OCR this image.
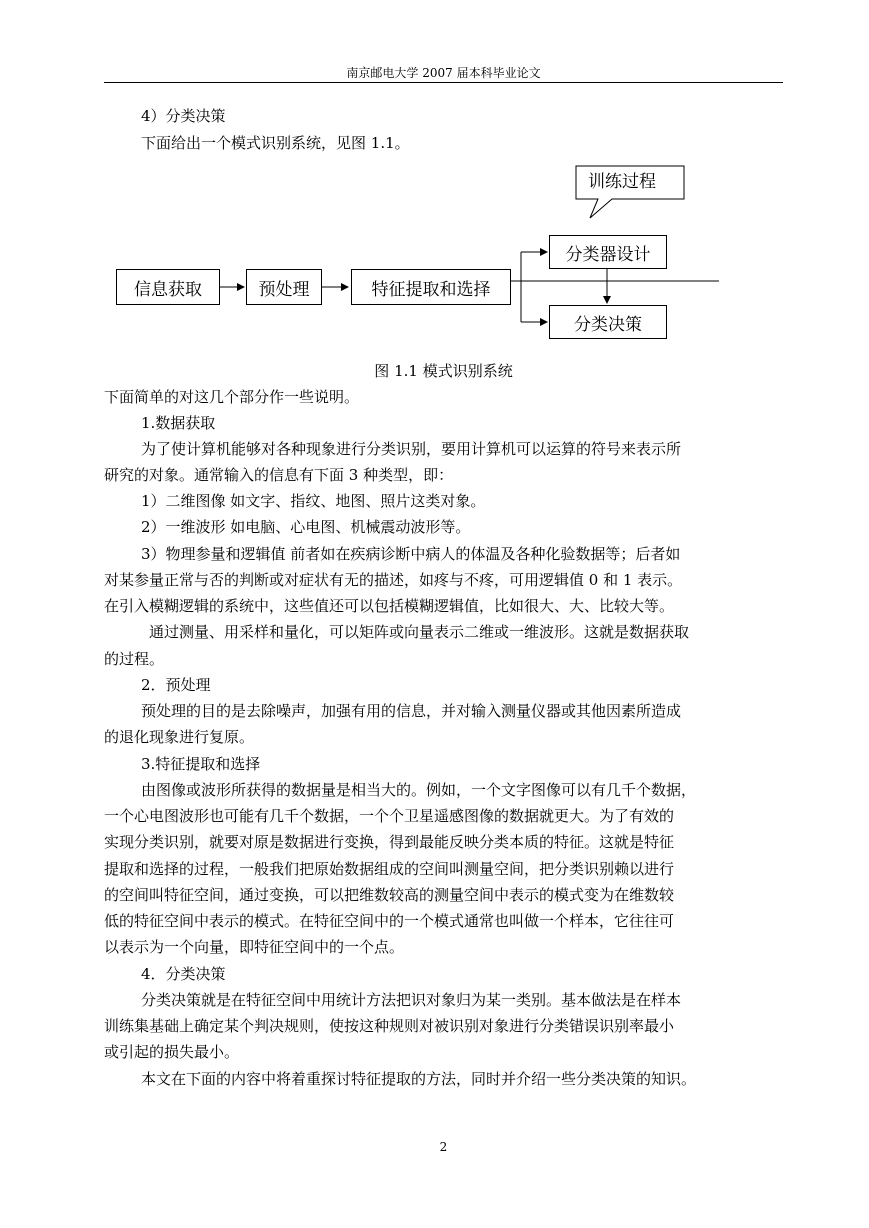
南京邮电大学 2007 届本科毕业论文
4）分类决策
下面给出一个模式识别系统，见图 1.1。
信息获取	预处理	特征提取和选择
分类器设计
分类决策
训练过程
图 1.1 模式识别系统
下面简单的对这几个部分作一些说明。
1.数据获取
为了使计算机能够对各种现象进行分类识别，要用计算机可以运算的符号来表示所
研究的对象。通常输入的信息有下面 3 种类型，即：
1）二维图像 如文字、指纹、地图、照片这类对象。
2）一维波形 如电脑、心电图、机械震动波形等。
3）物理参量和逻辑值 前者如在疾病诊断中病人的体温及各种化验数据等；后者如
对某参量正常与否的判断或对症状有无的描述，如疼与不疼，可用逻辑值 0 和 1 表示。
在引入模糊逻辑的系统中，这些值还可以包括模糊逻辑值，比如很大、大、比较大等。
通过测量、用采样和量化，可以矩阵或向量表示二维或一维波形。这就是数据获取
的过程。
2．预处理
预处理的目的是去除噪声，加强有用的信息，并对输入测量仪器或其他因素所造成
的退化现象进行复原。
3.特征提取和选择
由图像或波形所获得的数据量是相当大的。例如，一个文字图像可以有几千个数据，
一个心电图波形也可能有几千个数据，一个个卫星遥感图像的数据就更大。为了有效的
实现分类识别，就要对原是数据进行变换，得到最能反映分类本质的特征。这就是特征
提取和选择的过程，一般我们把原始数据组成的空间叫测量空间，把分类识别赖以进行
的空间叫特征空间，通过变换，可以把维数较高的测量空间中表示的模式变为在维数较
低的特征空间中表示的模式。在特征空间中的一个模式通常也叫做一个样本，它往往可
以表示为一个向量，即特征空间中的一个点。
4．分类决策
分类决策就是在特征空间中用统计方法把识对象归为某一类别。基本做法是在样本
训练集基础上确定某个判决规则，使按这种规则对被识别对象进行分类错误识别率最小
或引起的损失最小。
本文在下面的内容中将着重探讨特征提取的方法，同时并介绍一些分类决策的知识。
2
